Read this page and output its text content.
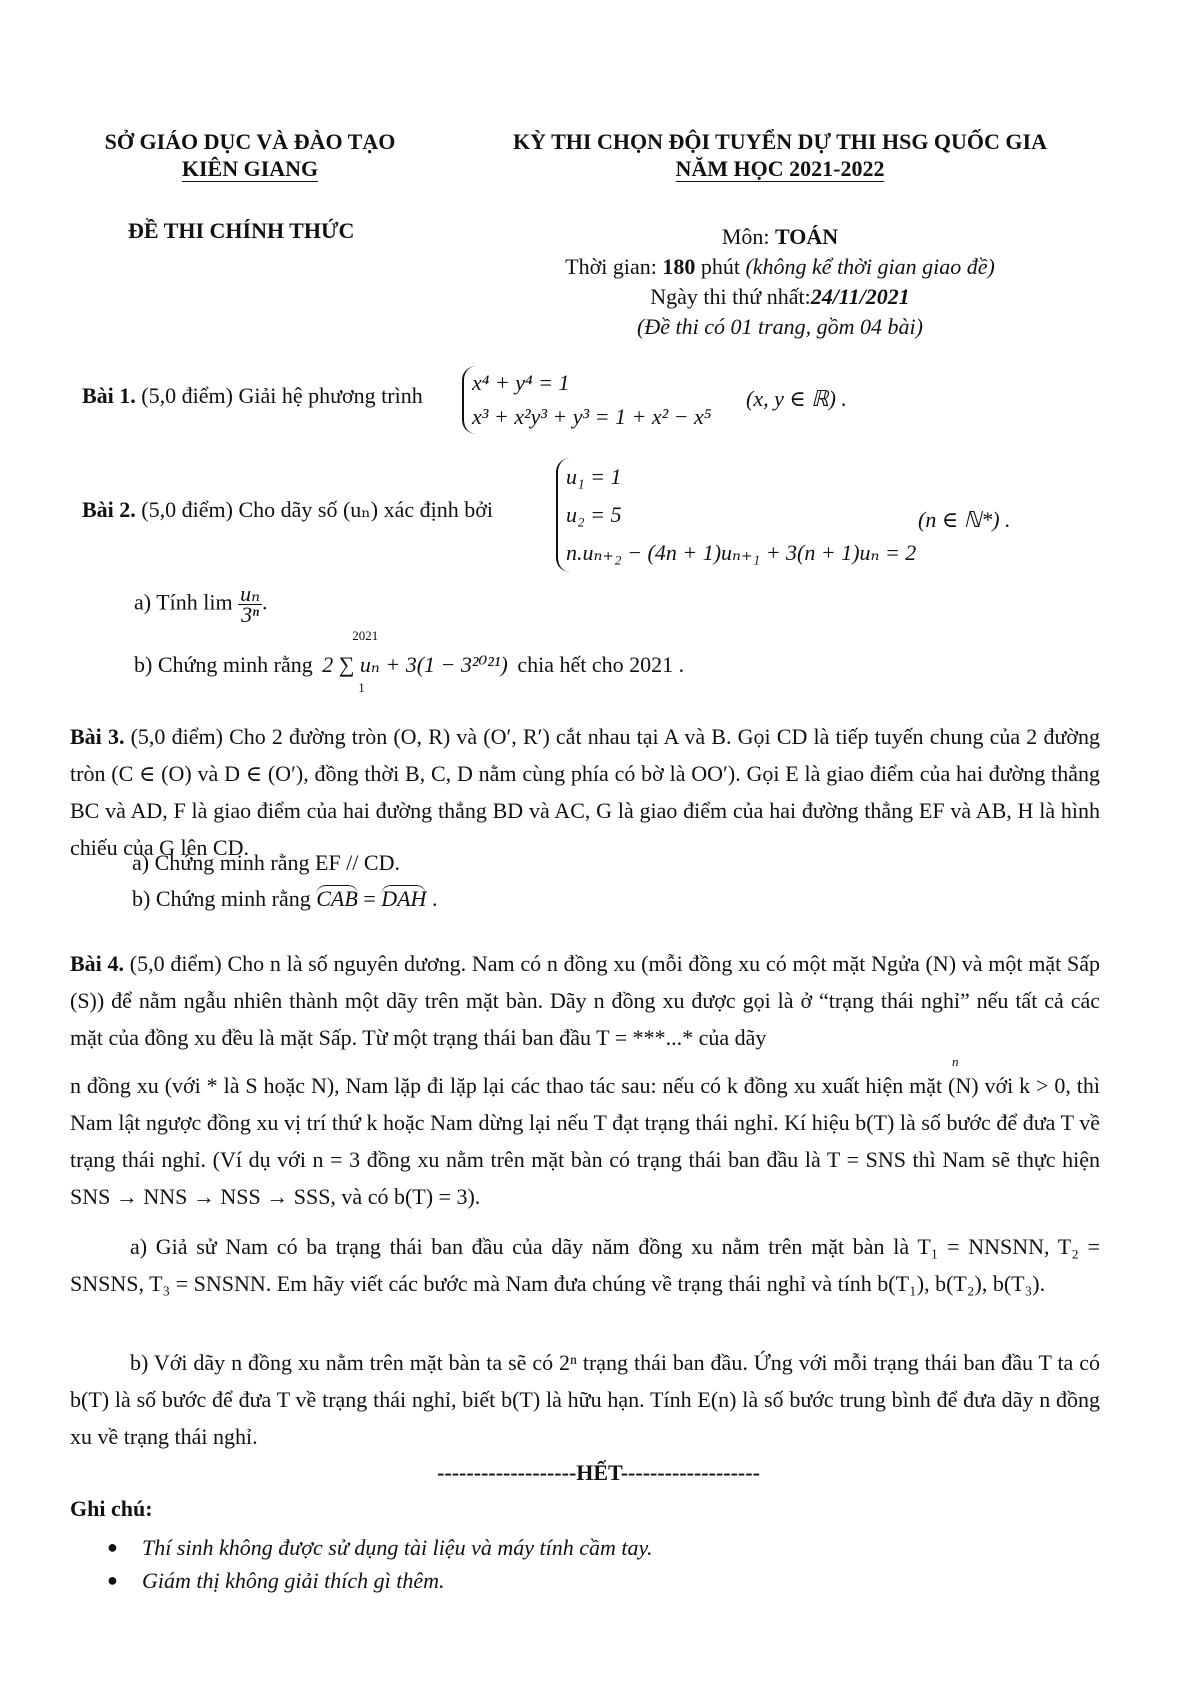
SỞ GIÁO DỤC VÀ ĐÀO TẠO
KIÊN GIANG
KỲ THI CHỌN ĐỘI TUYỂN DỰ THI HSG QUỐC GIA
NĂM HỌC 2021-2022
ĐỀ THI CHÍNH THỨC	Môn: TOÁN
Thời gian: 180 phút (không kể thời gian giao đề)
Ngày thi thứ nhất:24/11/2021
(Đề thi có 01 trang, gồm 04 bài)
Bài 1. (5,0 điểm) Giải hệ phương trình
x⁴ + y⁴ = 1
x³ + x²y³ + y³ = 1 + x² − x⁵
(x, y ∈ ℝ) .
Bài 2. (5,0 điểm) Cho dãy số (uₙ) xác định bởi
u₁ = 1
u₂ = 5
n.uₙ₊₂ − (4n + 1)uₙ₊₁ + 3(n + 1)uₙ = 2
(n ∈ ℕ*) .
a) Tính $\lim \frac{\text{uₙ}}{\text{3ⁿ}}$ .
b) Chứng minh rằng
2021
2 ∑ uₙ + 3(1 − 3²⁰²¹)
1
chia hết cho 2021 .
Bài 3. (5,0 điểm) Cho 2 đường tròn (O, R) và (O′, R′) cắt nhau tại A và B. Gọi CD là tiếp tuyến chung của 2 đường tròn (C ∈ (O) và D ∈ (O′), đồng thời B, C, D nằm cùng phía có bờ là OO′). Gọi E là giao điểm của hai đường thẳng BC và AD, F là giao điểm của hai đường thẳng BD và AC, G là giao điểm của hai đường thẳng EF và AB, H là hình chiếu của G lên CD.
a) Chứng minh rằng EF // CD.
b) Chứng minh rằng CAB = DAH .
Bài 4. (5,0 điểm) Cho n là số nguyên dương. Nam có n đồng xu (mỗi đồng xu có một mặt Ngửa (N) và một mặt Sấp (S)) để nằm ngẫu nhiên thành một dãy trên mặt bàn. Dãy n đồng xu được gọi là ở “trạng thái nghỉ” nếu tất cả các mặt của đồng xu đều là mặt Sấp. Từ một trạng thái ban đầu T = ***...* của dãy
n
n đồng xu (với * là S hoặc N), Nam lặp đi lặp lại các thao tác sau: nếu có k đồng xu xuất hiện mặt (N) với k > 0, thì Nam lật ngược đồng xu vị trí thứ k hoặc Nam dừng lại nếu T đạt trạng thái nghỉ. Kí hiệu b(T) là số bước để đưa T về trạng thái nghỉ. (Ví dụ với n = 3 đồng xu nằm trên mặt bàn có trạng thái ban đầu là T = SNS thì Nam sẽ thực hiện SNS → NNS → NSS → SSS, và có b(T) = 3).
a) Giả sử Nam có ba trạng thái ban đầu của dãy năm đồng xu nằm trên mặt bàn là T₁ = NNSNN, T₂ = SNSNS, T₃ = SNSNN. Em hãy viết các bước mà Nam đưa chúng về trạng thái nghỉ và tính b(T₁), b(T₂), b(T₃).
b) Với dãy n đồng xu nằm trên mặt bàn ta sẽ có 2ⁿ trạng thái ban đầu. Ứng với mỗi trạng thái ban đầu T ta có b(T) là số bước để đưa T về trạng thái nghỉ, biết b(T) là hữu hạn. Tính E(n) là số bước trung bình để đưa dãy n đồng xu về trạng thái nghỉ.
-------------------HẾT-------------------
Ghi chú:
● Thí sinh không được sử dụng tài liệu và máy tính cầm tay.
● Giám thị không giải thích gì thêm.
